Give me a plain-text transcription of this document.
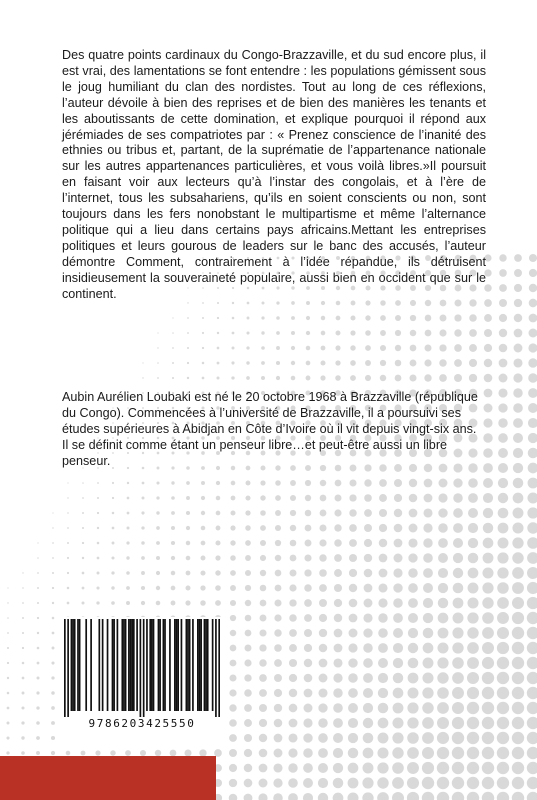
Des quatre points cardinaux du Congo-Brazzaville, et du sud encore plus, il est vrai, des lamentations se font entendre : les populations gémissent sous le joug humiliant du clan des nordistes. Tout au long de ces réflexions, l’auteur dévoile à bien des reprises et de bien des manières les tenants et les aboutissants de cette domination, et explique pourquoi il répond aux jérémiades de ses compatriotes par : « Prenez conscience de l’inanité des ethnies ou tribus et, partant, de la suprématie de l’appartenance nationale sur les autres appartenances particulières, et vous voilà libres.»Il poursuit en faisant voir aux lecteurs qu’à l’instar des congolais, et à l’ère de l’internet, tous les subsahariens, qu’ils en soient conscients ou non, sont toujours dans les fers nonobstant le multipartisme et même l’alternance politique qui a lieu dans certains pays africains.Mettant les entreprises politiques et leurs gourous de leaders sur le banc des accusés, l’auteur démontre Comment, contrairement à l’idée répandue, ils détruisent insidieusement la souveraineté populaire, aussi bien en occident que sur le continent.

Aubin Aurélien Loubaki est né le 20 octobre 1968 à Brazzaville (république du Congo). Commencées à l’université de Brazzaville, il a poursuivi ses études supérieures à Abidjan en Côte d’Ivoire où il vit depuis vingt-six ans. Il se définit comme étant un penseur libre…et peut-être aussi un libre penseur.

9786203425550
